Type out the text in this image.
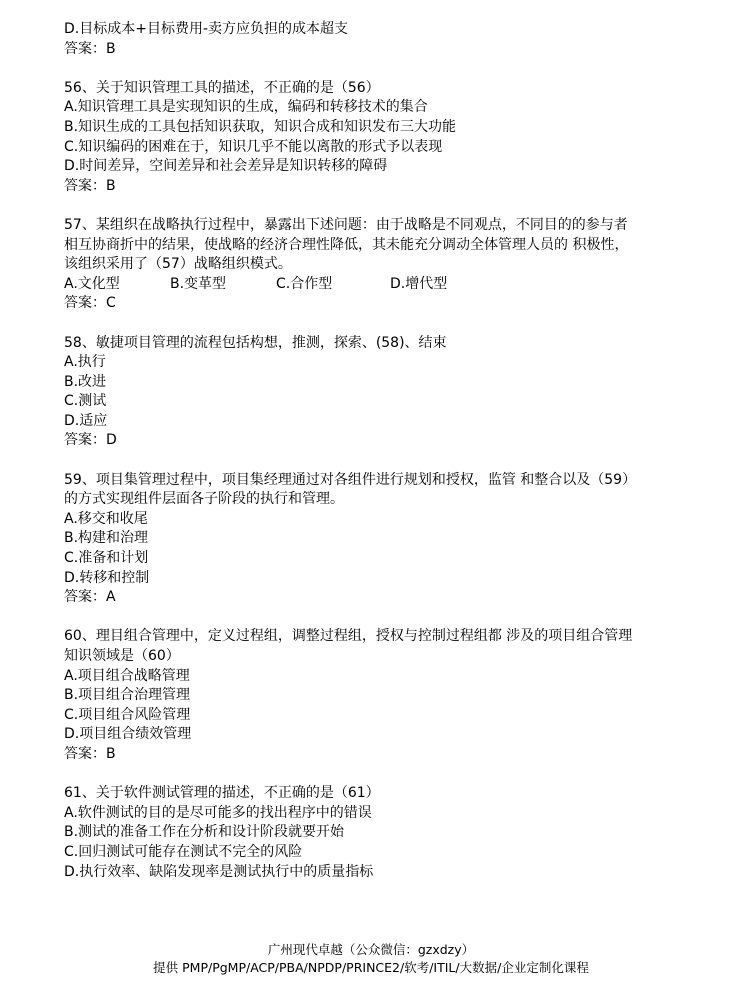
D.目标成本+目标费用-卖方应负担的成本超支
答案：B
56、关于知识管理工具的描述，不正确的是（56）
A.知识管理工具是实现知识的生成，编码和转移技术的集合
B.知识生成的工具包括知识获取，知识合成和知识发布三大功能
C.知识编码的困难在于，知识几乎不能以离散的形式予以表现
D.时间差异，空间差异和社会差异是知识转移的障碍
答案：B
57、某组织在战略执行过程中，暴露出下述问题：由于战略是不同观点，不同目的的参与者
相互协商折中的结果，使战略的经济合理性降低，其未能充分调动全体管理人员的 积极性，
该组织采用了（57）战略组织模式。
A.文化型	B.变革型	C.合作型	D.增代型
答案：C
58、敏捷项目管理的流程包括构想，推测，探索、(58)、结束
A.执行
B.改进
C.测试
D.适应
答案：D
59、项目集管理过程中，项目集经理通过对各组件进行规划和授权，监管 和整合以及（59）
的方式实现组件层面各子阶段的执行和管理。
A.移交和收尾
B.构建和治理
C.准备和计划
D.转移和控制
答案：A
60、理目组合管理中，定义过程组，调整过程组，授权与控制过程组都 涉及的项目组合管理
知识领域是（60）
A.项目组合战略管理
B.项目组合治理管理
C.项目组合风险管理
D.项目组合绩效管理
答案：B
61、关于软件测试管理的描述，不正确的是（61）
A.软件测试的目的是尽可能多的找出程序中的错误
B.测试的准备工作在分析和设计阶段就要开始
C.回归测试可能存在测试不完全的风险
D.执行效率、缺陷发现率是测试执行中的质量指标
广州现代卓越（公众微信：gzxdzy）
提供 PMP/PgMP/ACP/PBA/NPDP/PRINCE2/软考/ITIL/大数据/企业定制化课程
